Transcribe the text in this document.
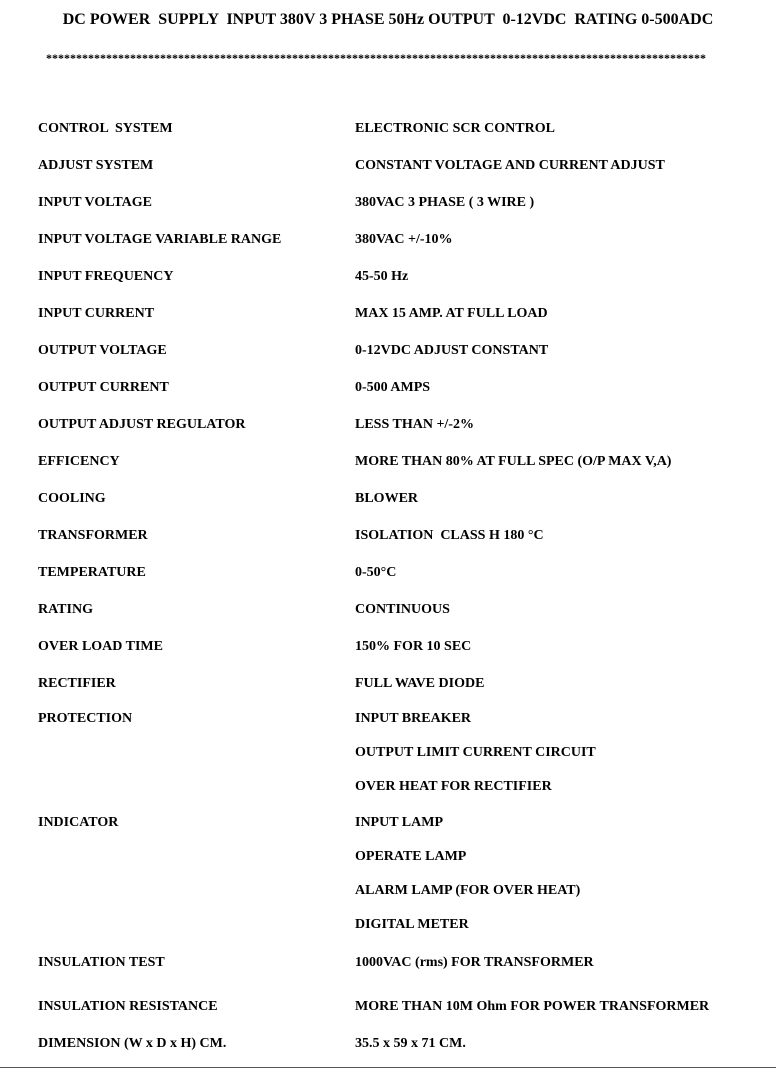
DC POWER  SUPPLY  INPUT 380V 3 PHASE 50Hz OUTPUT  0-12VDC  RATING 0-500ADC
**************************************************************************************************************
CONTROL  SYSTEM	ELECTRONIC SCR CONTROL
ADJUST SYSTEM	CONSTANT VOLTAGE AND CURRENT ADJUST
INPUT VOLTAGE	380VAC 3 PHASE ( 3 WIRE )
INPUT VOLTAGE VARIABLE RANGE	380VAC +/-10%
INPUT FREQUENCY	45-50 Hz
INPUT CURRENT	MAX 15 AMP. AT FULL LOAD
OUTPUT VOLTAGE	0-12VDC ADJUST CONSTANT
OUTPUT CURRENT	0-500 AMPS
OUTPUT ADJUST REGULATOR	LESS THAN +/-2%
EFFICENCY	MORE THAN 80% AT FULL SPEC (O/P MAX V,A)
COOLING	BLOWER
TRANSFORMER	ISOLATION  CLASS H 180 °C
TEMPERATURE	0-50°C
RATING	CONTINUOUS
OVER LOAD TIME	150% FOR 10 SEC
RECTIFIER	FULL WAVE DIODE
PROTECTION	INPUT BREAKER
OUTPUT LIMIT CURRENT CIRCUIT
OVER HEAT FOR RECTIFIER
INDICATOR	INPUT LAMP
OPERATE LAMP
ALARM LAMP (FOR OVER HEAT)
DIGITAL METER
INSULATION TEST	1000VAC (rms) FOR TRANSFORMER
INSULATION RESISTANCE	MORE THAN 10M Ohm FOR POWER TRANSFORMER
DIMENSION (W x D x H) CM.	35.5 x 59 x 71 CM.
